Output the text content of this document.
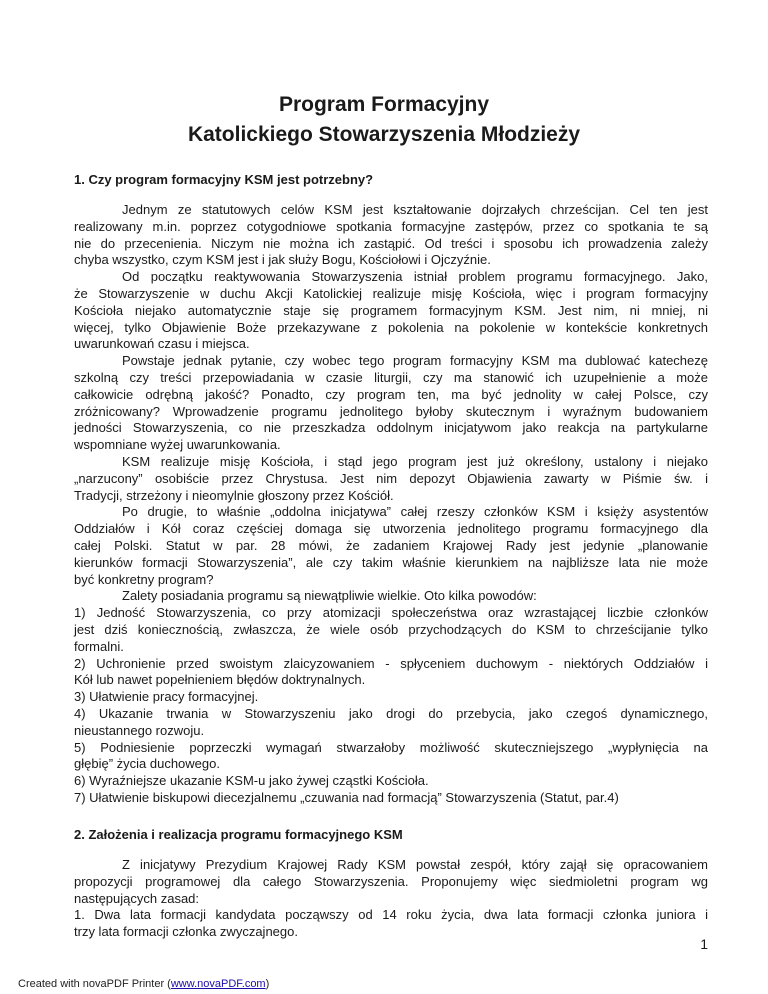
Program Formacyjny
Katolickiego Stowarzyszenia Młodzieży
1. Czy program formacyjny KSM jest potrzebny?
Jednym ze statutowych celów KSM jest kształtowanie dojrzałych chrześcijan. Cel ten jest
realizowany m.in. poprzez cotygodniowe spotkania formacyjne zastępów, przez co spotkania te są
nie do przecenienia. Niczym nie można ich zastąpić. Od treści i sposobu ich prowadzenia zależy
chyba wszystko, czym KSM jest i jak służy Bogu, Kościołowi i Ojczyźnie.
Od początku reaktywowania Stowarzyszenia istniał problem programu formacyjnego. Jako,
że Stowarzyszenie w duchu Akcji Katolickiej realizuje misję Kościoła, więc i program formacyjny
Kościoła niejako automatycznie staje się programem formacyjnym KSM. Jest nim, ni mniej, ni
więcej, tylko Objawienie Boże przekazywane z pokolenia na pokolenie w kontekście konkretnych
uwarunkowań czasu i miejsca.
Powstaje jednak pytanie, czy wobec tego program formacyjny KSM ma dublować katechezę
szkolną czy treści przepowiadania w czasie liturgii, czy ma stanowić ich uzupełnienie a może
całkowicie odrębną jakość? Ponadto, czy program ten, ma być jednolity w całej Polsce, czy
zróżnicowany? Wprowadzenie programu jednolitego byłoby skutecznym i wyraźnym budowaniem
jedności Stowarzyszenia, co nie przeszkadza oddolnym inicjatywom jako reakcja na partykularne
wspomniane wyżej uwarunkowania.
KSM realizuje misję Kościoła, i stąd jego program jest już określony, ustalony i niejako
„narzucony” osobiście przez Chrystusa. Jest nim depozyt Objawienia zawarty w Piśmie św. i
Tradycji, strzeżony i nieomylnie głoszony przez Kościół.
Po drugie, to właśnie „oddolna inicjatywa” całej rzeszy członków KSM i księży asystentów
Oddziałów i Kół coraz częściej domaga się utworzenia jednolitego programu formacyjnego dla
całej Polski. Statut w par. 28 mówi, że zadaniem Krajowej Rady jest jedynie „planowanie
kierunków formacji Stowarzyszenia”, ale czy takim właśnie kierunkiem na najbliższe lata nie może
być konkretny program?
Zalety posiadania programu są niewątpliwie wielkie. Oto kilka powodów:
1) Jedność Stowarzyszenia, co przy atomizacji społeczeństwa oraz wzrastającej liczbie członków
jest dziś koniecznością, zwłaszcza, że wiele osób przychodzących do KSM to chrześcijanie tylko
formalni.
2) Uchronienie przed swoistym zlaicyzowaniem - spłyceniem duchowym - niektórych Oddziałów i
Kół lub nawet popełnieniem błędów doktrynalnych.
3) Ułatwienie pracy formacyjnej.
4) Ukazanie trwania w Stowarzyszeniu jako drogi do przebycia, jako czegoś dynamicznego,
nieustannego rozwoju.
5) Podniesienie poprzeczki wymagań stwarzałoby możliwość skuteczniejszego „wypłynięcia na
głębię” życia duchowego.
6) Wyraźniejsze ukazanie KSM-u jako żywej cząstki Kościoła.
7) Ułatwienie biskupowi diecezjalnemu „czuwania nad formacją” Stowarzyszenia (Statut, par.4)
2. Założenia i realizacja programu formacyjnego KSM
Z inicjatywy Prezydium Krajowej Rady KSM powstał zespół, który zajął się opracowaniem
propozycji programowej dla całego Stowarzyszenia. Proponujemy więc siedmioletni program wg
następujących zasad:
1. Dwa lata formacji kandydata począwszy od 14 roku życia, dwa lata formacji członka juniora i
trzy lata formacji członka zwyczajnego.
1
Created with novaPDF Printer (www.novaPDF.com)
